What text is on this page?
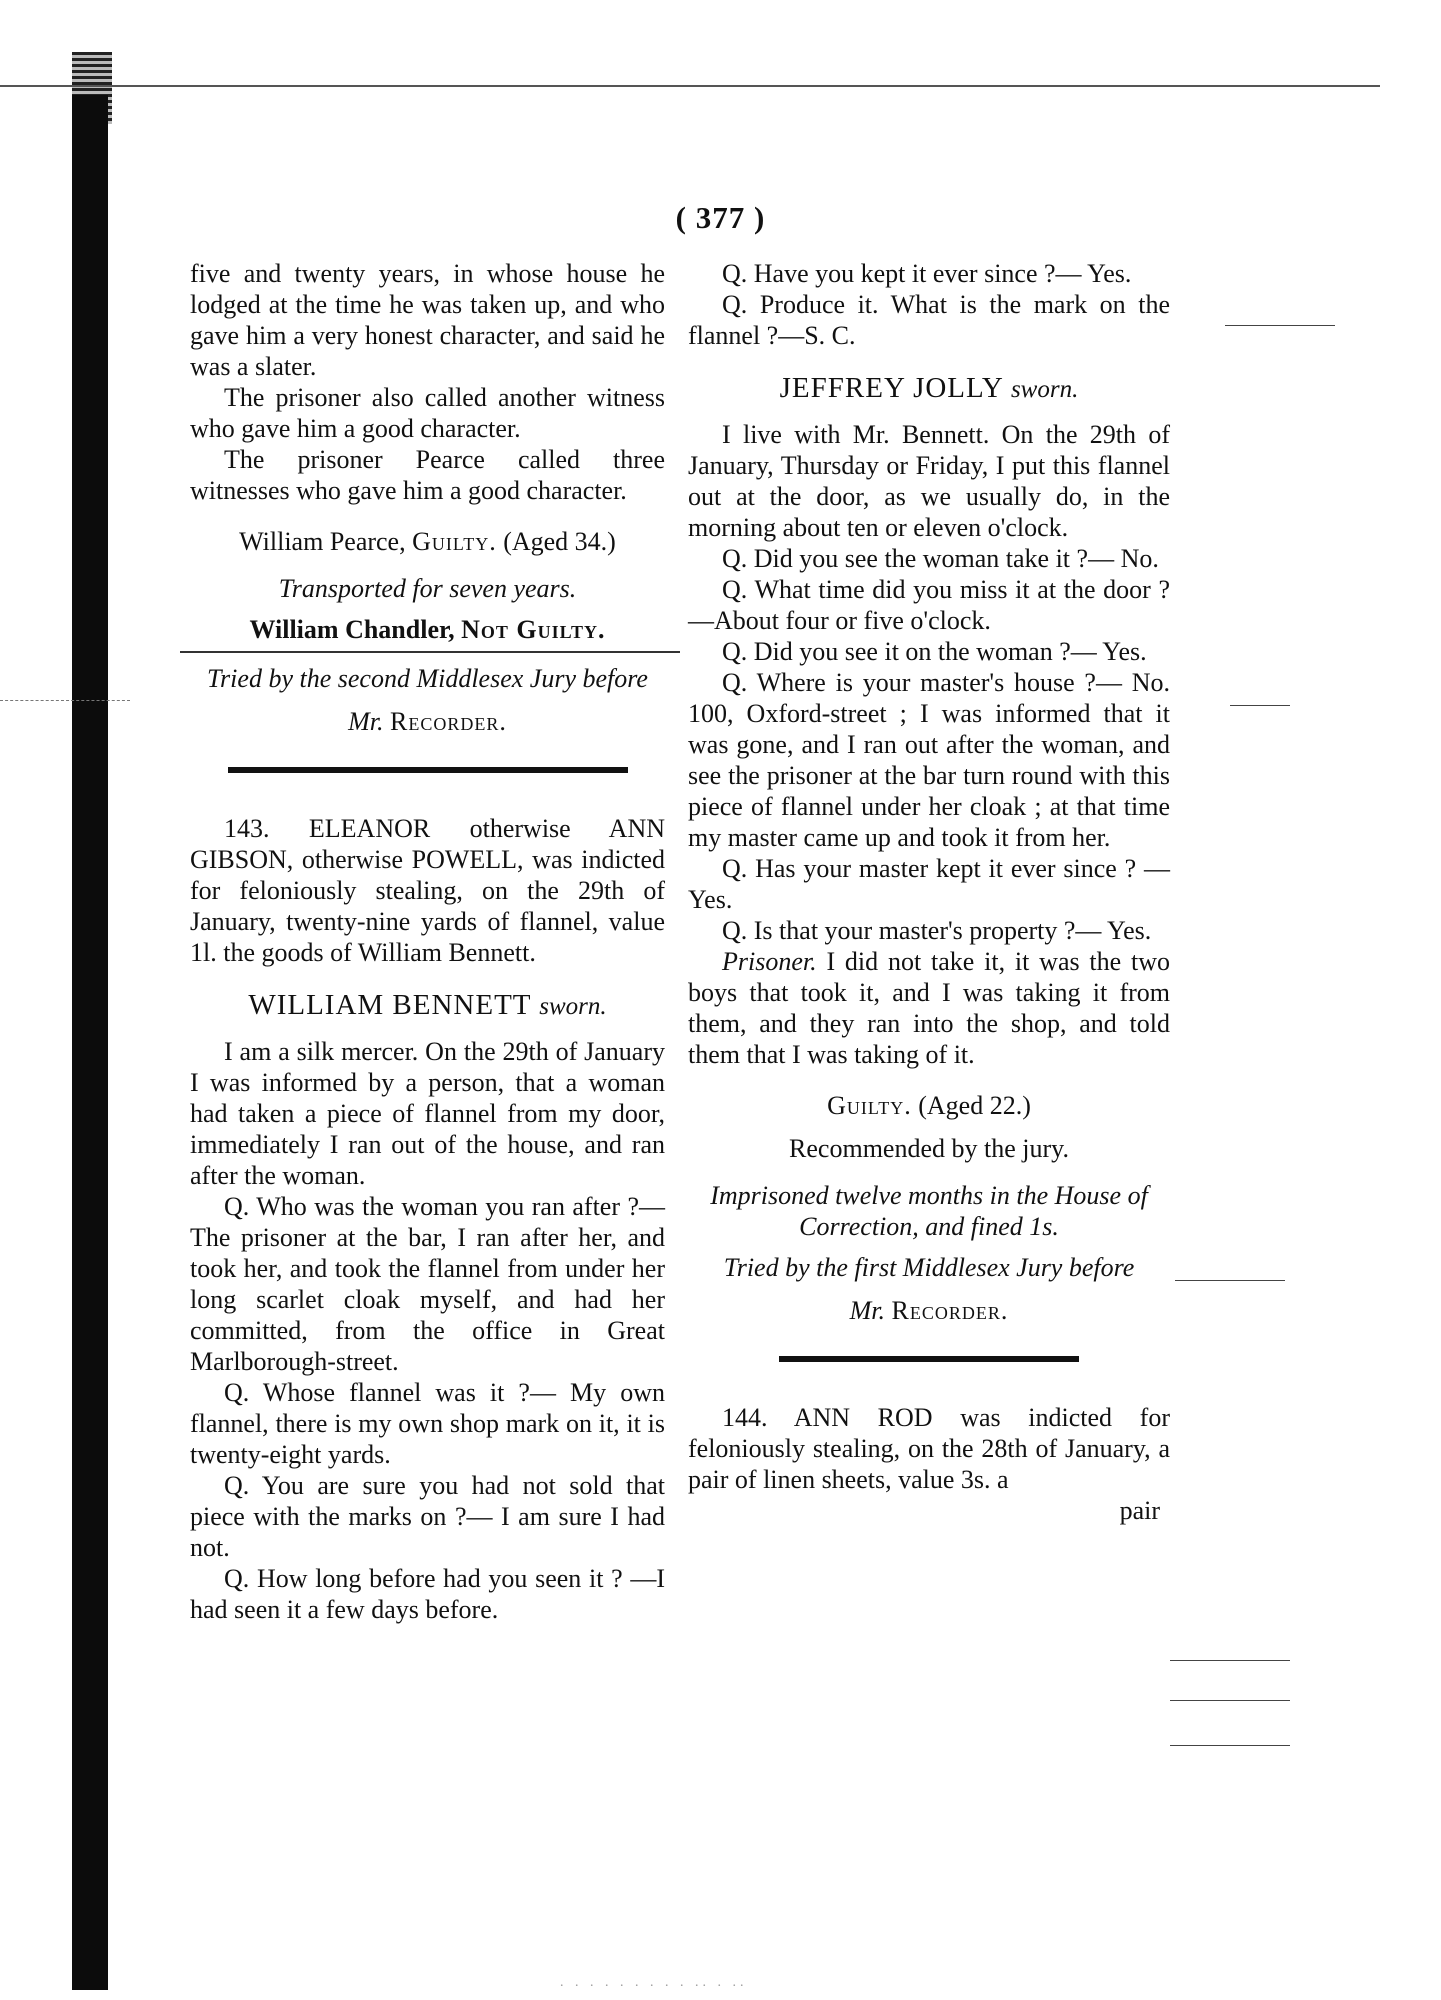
. . . . . . . . . .. . ..
( 377 )

five and twenty years, in whose house he lodged at the time he was taken up, and who gave him a very honest character, and said he was a slater.

The prisoner also called another witness who gave him a good character.

The prisoner Pearce called three witnesses who gave him a good character.

William Pearce, Guilty. (Aged 34.)

Transported for seven years.

William Chandler, Not Guilty.

Tried by the second Middlesex Jury before

Mr. Recorder.

143. ELEANOR otherwise ANN GIBSON, otherwise POWELL, was indicted for feloniously stealing, on the 29th of January, twenty-nine yards of flannel, value 1l. the goods of William Bennett.

WILLIAM BENNETT sworn.

I am a silk mercer. On the 29th of January I was informed by a person, that a woman had taken a piece of flannel from my door, immediately I ran out of the house, and ran after the woman.

Q. Who was the woman you ran after ?— The prisoner at the bar, I ran after her, and took her, and took the flannel from under her long scarlet cloak myself, and had her committed, from the office in Great Marlborough-street.

Q. Whose flannel was it ?— My own flannel, there is my own shop mark on it, it is twenty-eight yards.

Q. You are sure you had not sold that piece with the marks on ?— I am sure I had not.

Q. How long before had you seen it ? —I had seen it a few days before.

Q. Have you kept it ever since ?— Yes.

Q. Produce it. What is the mark on the flannel ?—S. C.

JEFFREY JOLLY sworn.

I live with Mr. Bennett. On the 29th of January, Thursday or Friday, I put this flannel out at the door, as we usually do, in the morning about ten or eleven o'clock.

Q. Did you see the woman take it ?— No.

Q. What time did you miss it at the door ?—About four or five o'clock.

Q. Did you see it on the woman ?— Yes.

Q. Where is your master's house ?— No. 100, Oxford-street ; I was informed that it was gone, and I ran out after the woman, and see the prisoner at the bar turn round with this piece of flannel under her cloak ; at that time my master came up and took it from her.

Q. Has your master kept it ever since ? —Yes.

Q. Is that your master's property ?— Yes.

Prisoner. I did not take it, it was the two boys that took it, and I was taking it from them, and they ran into the shop, and told them that I was taking of it.

Guilty. (Aged 22.)

Recommended by the jury.

Imprisoned twelve months in the House of Correction, and fined 1s.

Tried by the first Middlesex Jury before

Mr. Recorder.

144. ANN ROD was indicted for feloniously stealing, on the 28th of January, a pair of linen sheets, value 3s. a

pair
